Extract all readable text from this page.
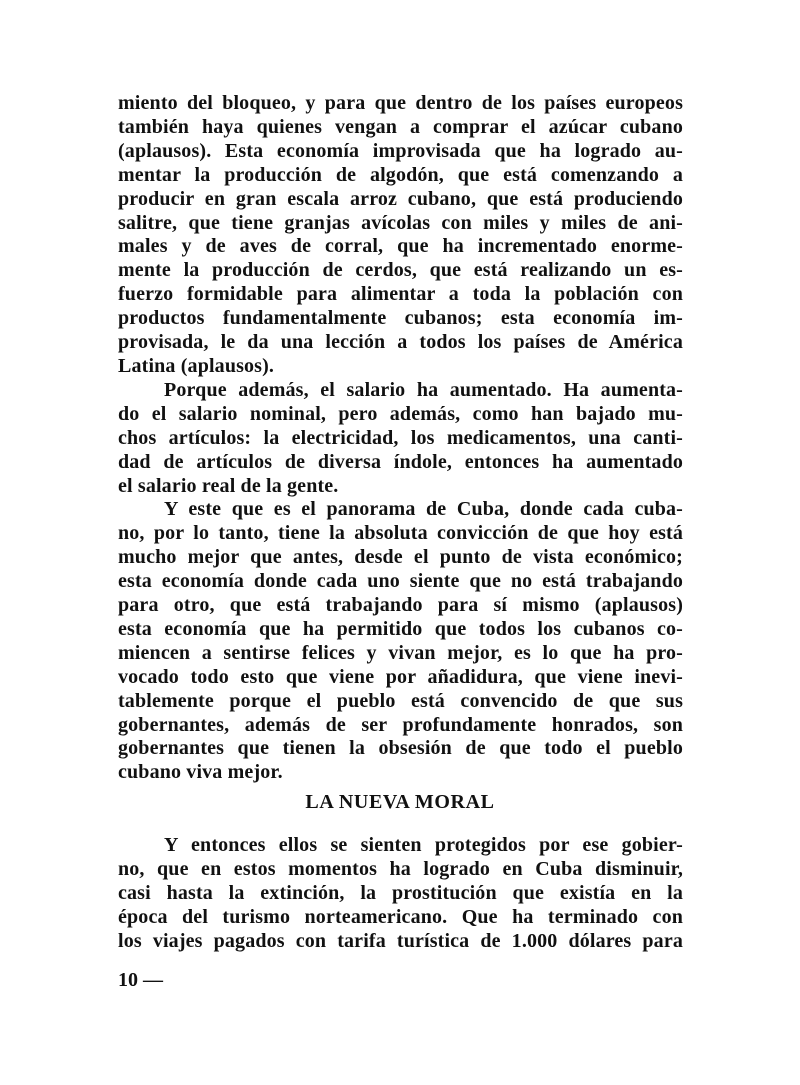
miento del bloqueo, y para que dentro de los países europeos
también haya quienes vengan a comprar el azúcar cubano
(aplausos). Esta economía improvisada que ha logrado au-
mentar la producción de algodón, que está comenzando a
producir en gran escala arroz cubano, que está produciendo
salitre, que tiene granjas avícolas con miles y miles de ani-
males y de aves de corral, que ha incrementado enorme-
mente la producción de cerdos, que está realizando un es-
fuerzo formidable para alimentar a toda la población con
productos fundamentalmente cubanos; esta economía im-
provisada, le da una lección a todos los países de América
Latina (aplausos).
Porque además, el salario ha aumentado. Ha aumenta-
do el salario nominal, pero además, como han bajado mu-
chos artículos: la electricidad, los medicamentos, una canti-
dad de artículos de diversa índole, entonces ha aumentado
el salario real de la gente.
Y este que es el panorama de Cuba, donde cada cuba-
no, por lo tanto, tiene la absoluta convicción de que hoy está
mucho mejor que antes, desde el punto de vista económico;
esta economía donde cada uno siente que no está trabajando
para otro, que está trabajando para sí mismo (aplausos)
esta economía que ha permitido que todos los cubanos co-
miencen a sentirse felices y vivan mejor, es lo que ha pro-
vocado todo esto que viene por añadidura, que viene inevi-
tablemente porque el pueblo está convencido de que sus
gobernantes, además de ser profundamente honrados, son
gobernantes que tienen la obsesión de que todo el pueblo
cubano viva mejor.
LA NUEVA MORAL
Y entonces ellos se sienten protegidos por ese gobier-
no, que en estos momentos ha logrado en Cuba disminuir,
casi hasta la extinción, la prostitución que existía en la
época del turismo norteamericano. Que ha terminado con
los viajes pagados con tarifa turística de 1.000 dólares para
10 —
